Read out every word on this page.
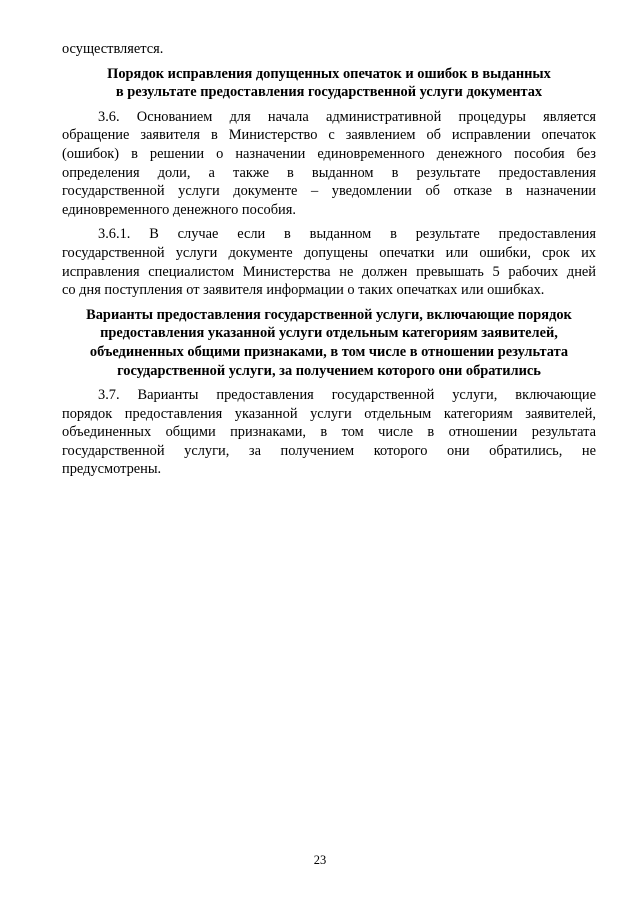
осуществляется.
Порядок исправления допущенных опечаток и ошибок в выданных
в результате предоставления государственной услуги документах
3.6. Основанием для начала административной процедуры является
обращение заявителя в Министерство с заявлением об исправлении опечаток
(ошибок) в решении о назначении единовременного денежного пособия без
определения доли, а также в выданном в результате предоставления
государственной услуги документе – уведомлении об отказе в назначении
единовременного денежного пособия.
3.6.1. В случае если в выданном в результате предоставления
государственной услуги документе допущены опечатки или ошибки, срок их
исправления специалистом Министерства не должен превышать 5 рабочих дней
со дня поступления от заявителя информации о таких опечатках или ошибках.
Варианты предоставления государственной услуги, включающие порядок
предоставления указанной услуги отдельным категориям заявителей,
объединенных общими признаками, в том числе в отношении результата
государственной услуги, за получением которого они обратились
3.7. Варианты предоставления государственной услуги, включающие
порядок предоставления указанной услуги отдельным категориям заявителей,
объединенных общими признаками, в том числе в отношении результата
государственной услуги, за получением которого они обратились, не
предусмотрены.
23
